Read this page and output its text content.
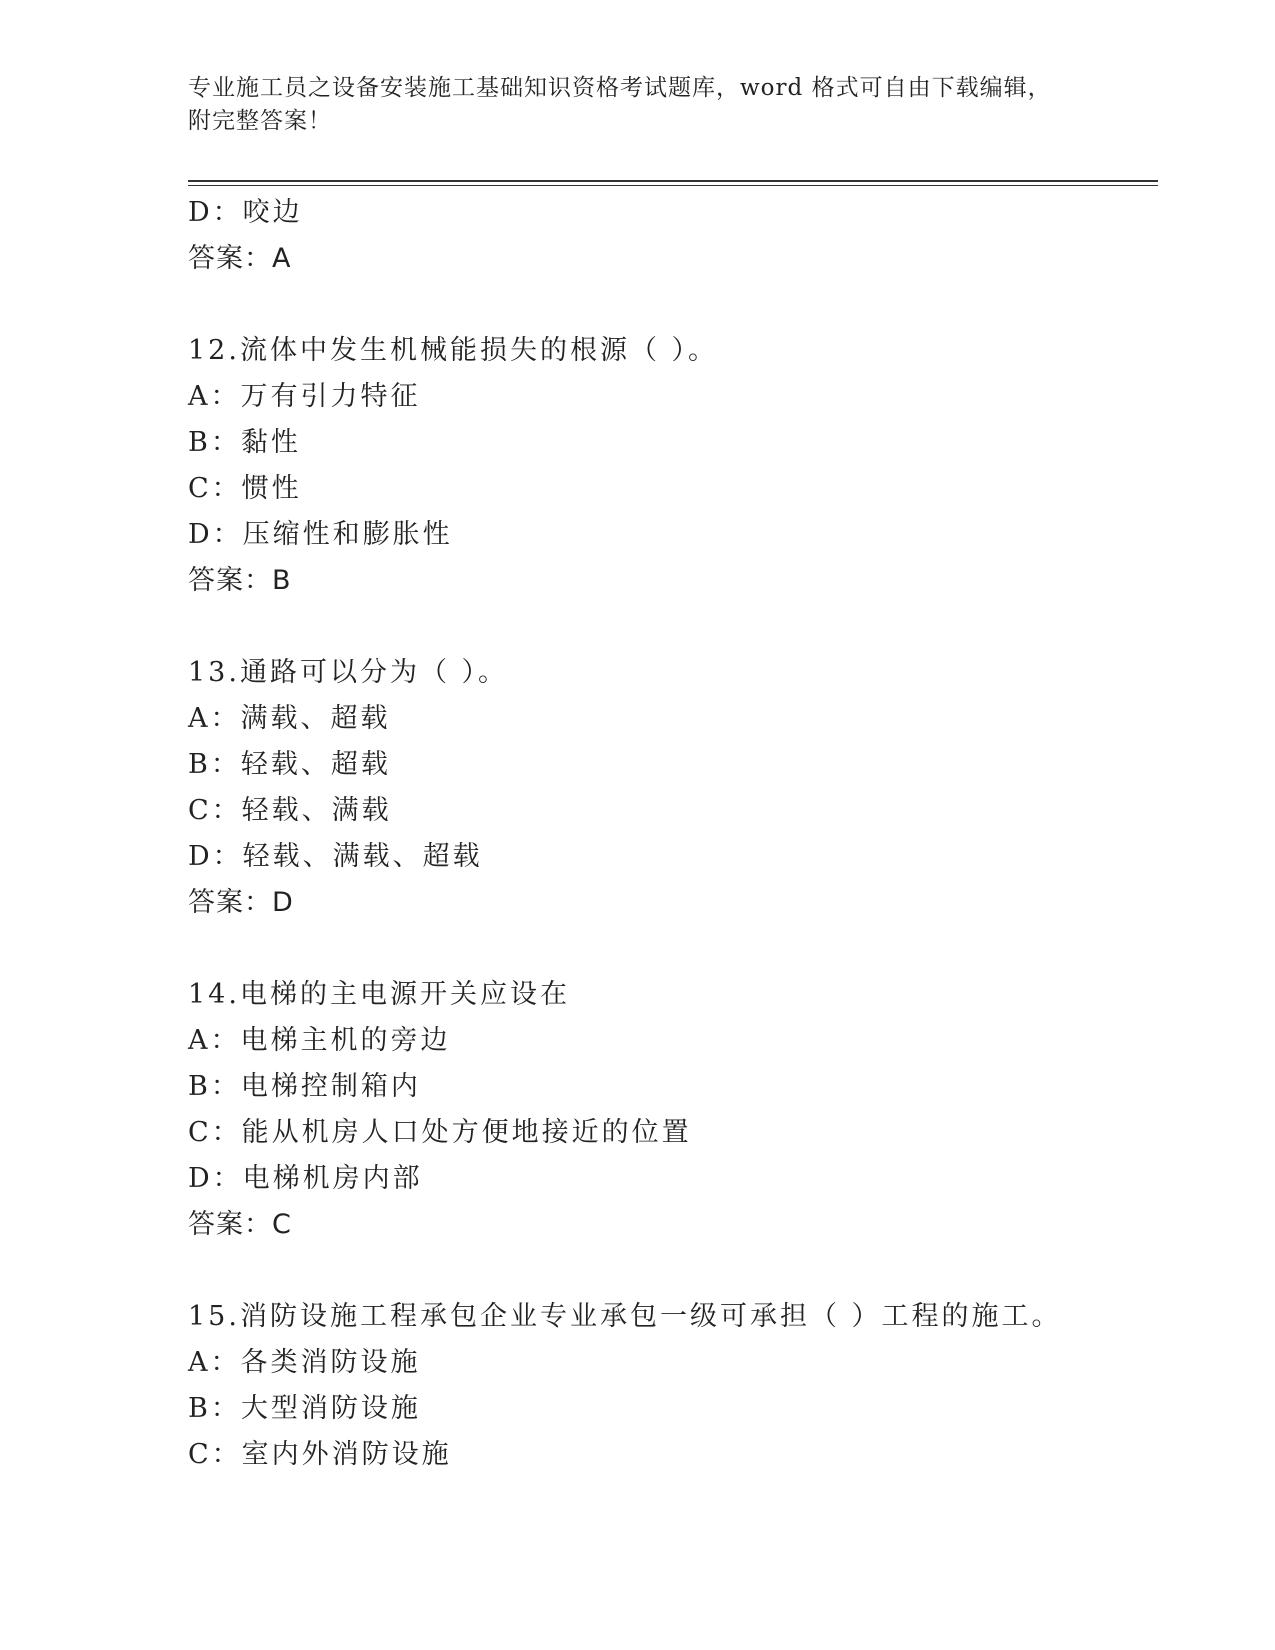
专业施工员之设备安装施工基础知识资格考试题库，word 格式可自由下载编辑，
附完整答案！
D：咬边
答案：A
12.流体中发生机械能损失的根源（ ）。
A：万有引力特征
B：黏性
C：惯性
D：压缩性和膨胀性
答案：B
13.通路可以分为（ ）。
A：满载、超载
B：轻载、超载
C：轻载、满载
D：轻载、满载、超载
答案：D
14.电梯的主电源开关应设在
A：电梯主机的旁边
B：电梯控制箱内
C：能从机房人口处方便地接近的位置
D：电梯机房内部
答案：C
15.消防设施工程承包企业专业承包一级可承担（ ）工程的施工。
A：各类消防设施
B：大型消防设施
C：室内外消防设施
